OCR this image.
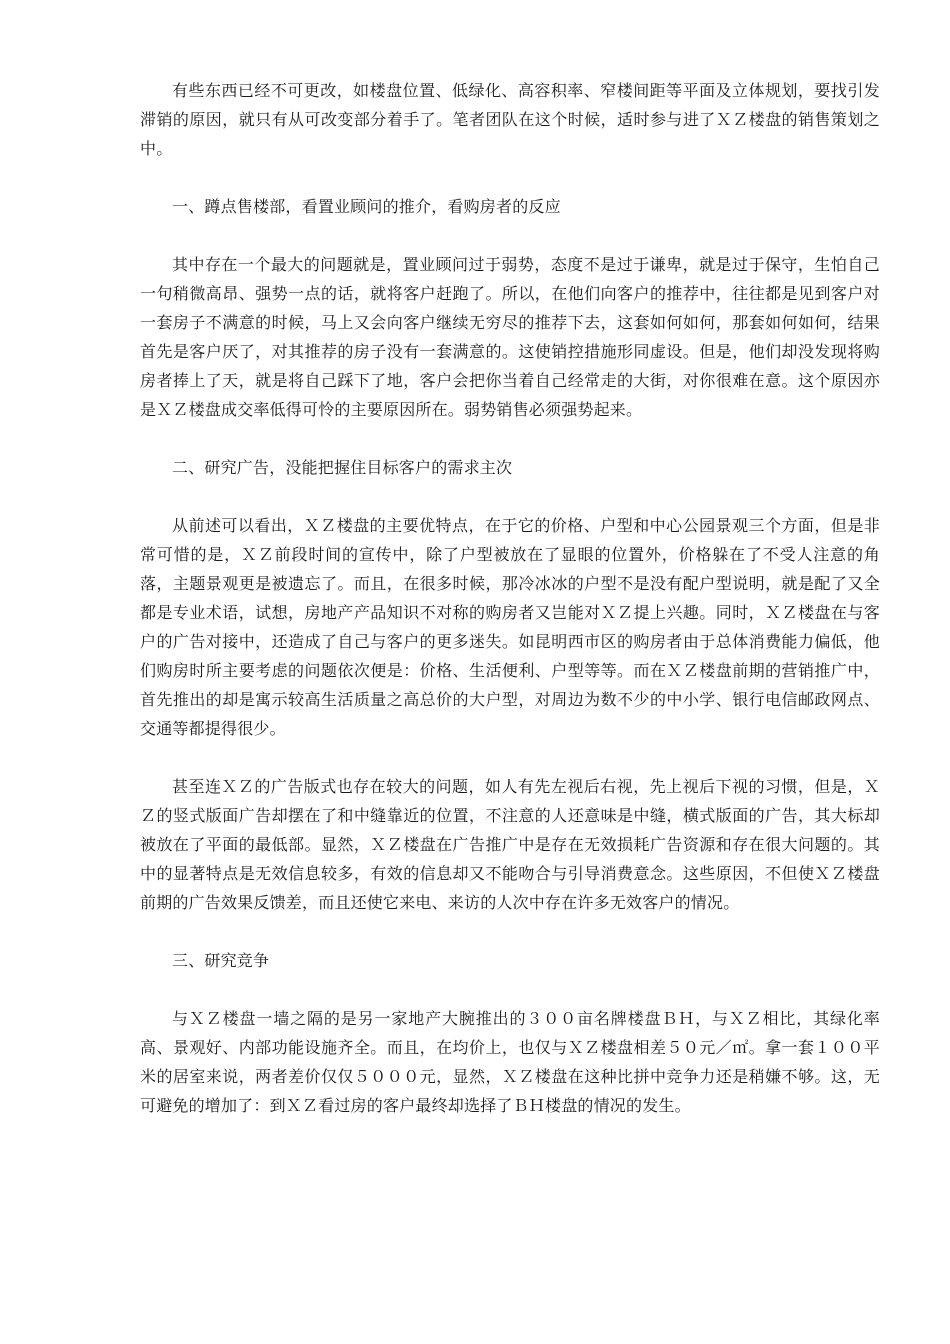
有些东西已经不可更改，如楼盘位置、低绿化、高容积率、窄楼间距等平面及立体规划，要找引发滞销的原因，就只有从可改变部分着手了。笔者团队在这个时候，适时参与进了ＸＺ楼盘的销售策划之中。

一、蹲点售楼部，看置业顾问的推介，看购房者的反应

其中存在一个最大的问题就是，置业顾问过于弱势，态度不是过于谦卑，就是过于保守，生怕自己一句稍微高昂、强势一点的话，就将客户赶跑了。所以，在他们向客户的推荐中，往往都是见到客户对一套房子不满意的时候，马上又会向客户继续无穷尽的推荐下去，这套如何如何，那套如何如何，结果首先是客户厌了，对其推荐的房子没有一套满意的。这使销控措施形同虚设。但是，他们却没发现将购房者捧上了天，就是将自己踩下了地，客户会把你当着自己经常走的大街，对你很难在意。这个原因亦是ＸＺ楼盘成交率低得可怜的主要原因所在。弱势销售必须强势起来。

二、研究广告，没能把握住目标客户的需求主次

从前述可以看出，ＸＺ楼盘的主要优特点，在于它的价格、户型和中心公园景观三个方面，但是非常可惜的是，ＸＺ前段时间的宣传中，除了户型被放在了显眼的位置外，价格躲在了不受人注意的角落，主题景观更是被遗忘了。而且，在很多时候，那冷冰冰的户型不是没有配户型说明，就是配了又全都是专业术语，试想，房地产产品知识不对称的购房者又岂能对ＸＺ提上兴趣。同时，ＸＺ楼盘在与客户的广告对接中，还造成了自己与客户的更多迷失。如昆明西市区的购房者由于总体消费能力偏低，他们购房时所主要考虑的问题依次便是：价格、生活便利、户型等等。而在ＸＺ楼盘前期的营销推广中，首先推出的却是寓示较高生活质量之高总价的大户型，对周边为数不少的中小学、银行电信邮政网点、交通等都提得很少。

甚至连ＸＺ的广告版式也存在较大的问题，如人有先左视后右视，先上视后下视的习惯，但是，ＸＺ的竖式版面广告却摆在了和中缝靠近的位置，不注意的人还意味是中缝，横式版面的广告，其大标却被放在了平面的最低部。显然，ＸＺ楼盘在广告推广中是存在无效损耗广告资源和存在很大问题的。其中的显著特点是无效信息较多，有效的信息却又不能吻合与引导消费意念。这些原因，不但使ＸＺ楼盘前期的广告效果反馈差，而且还使它来电、来访的人次中存在许多无效客户的情况。

三、研究竞争

与ＸＺ楼盘一墙之隔的是另一家地产大腕推出的３００亩名牌楼盘ＢＨ，与ＸＺ相比，其绿化率高、景观好、内部功能设施齐全。而且，在均价上，也仅与ＸＺ楼盘相差５０元／㎡。拿一套１００平米的居室来说，两者差价仅仅５０００元，显然，ＸＺ楼盘在这种比拼中竞争力还是稍嫌不够。这，无可避免的增加了：到ＸＺ看过房的客户最终却选择了ＢＨ楼盘的情况的发生。
